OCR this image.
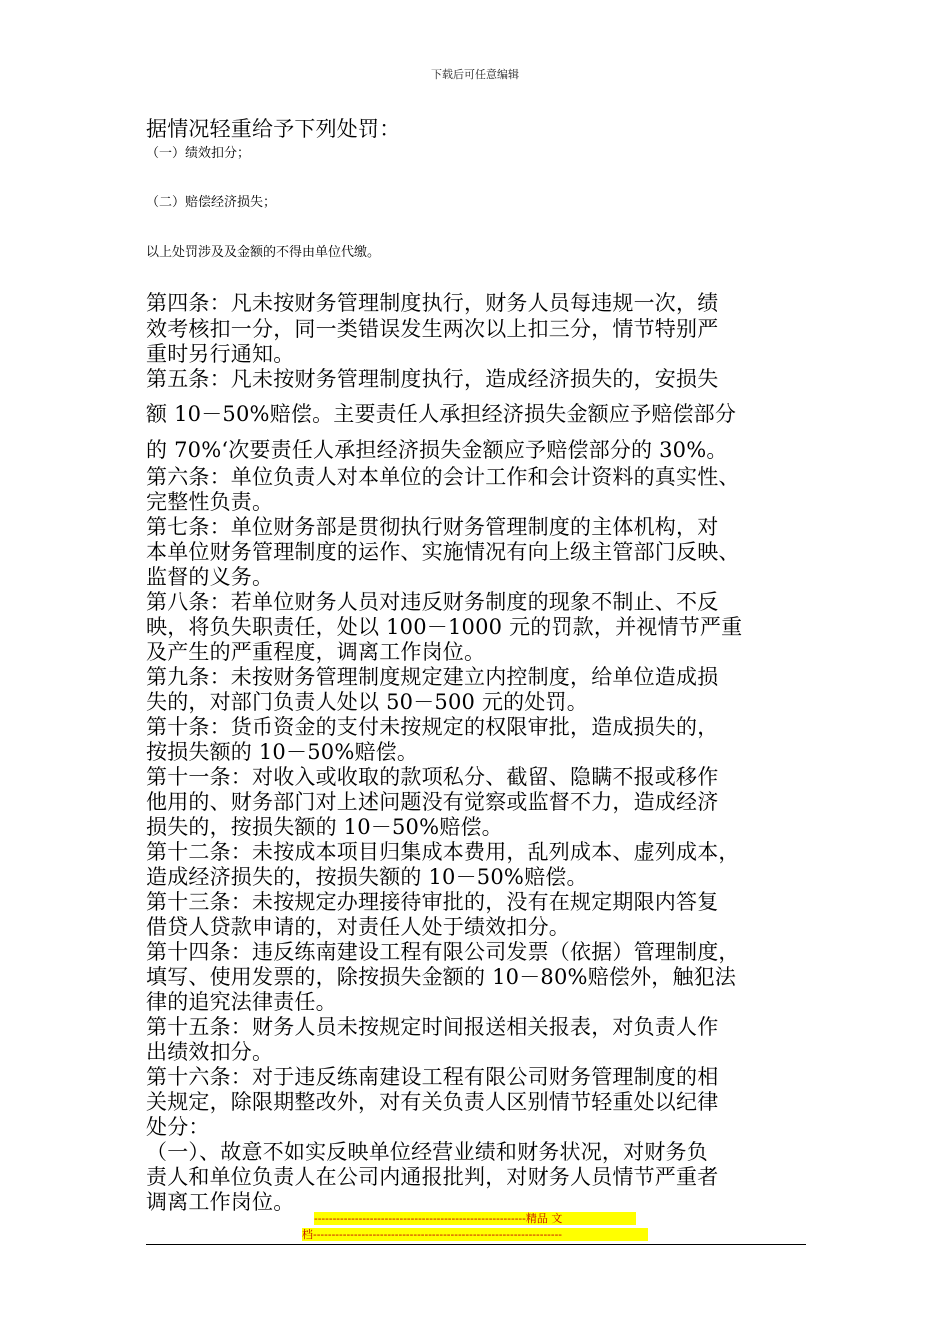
下载后可任意编辑
据情况轻重给予下列处罚：
（一）绩效扣分；
（二）赔偿经济损失；
以上处罚涉及及金额的不得由单位代缴。
第四条：凡未按财务管理制度执行，财务人员每违规一次，绩
效考核扣一分，同一类错误发生两次以上扣三分，情节特别严
重时另行通知。
第五条：凡未按财务管理制度执行，造成经济损失的，安损失
额 10－50%赔偿。主要责任人承担经济损失金额应予赔偿部分
的 70%‘次要责任人承担经济损失金额应予赔偿部分的 30%。
第六条：单位负责人对本单位的会计工作和会计资料的真实性、
完整性负责。
第七条：单位财务部是贯彻执行财务管理制度的主体机构，对
本单位财务管理制度的运作、实施情况有向上级主管部门反映、
监督的义务。
第八条：若单位财务人员对违反财务制度的现象不制止、不反
映，将负失职责任，处以 100－1000 元的罚款，并视情节严重
及产生的严重程度，调离工作岗位。
第九条：未按财务管理制度规定建立内控制度，给单位造成损
失的，对部门负责人处以 50－500 元的处罚。
第十条：货币资金的支付未按规定的权限审批，造成损失的，
按损失额的 10－50%赔偿。
第十一条：对收入或收取的款项私分、截留、隐瞒不报或移作
他用的、财务部门对上述问题没有觉察或监督不力，造成经济
损失的，按损失额的 10－50%赔偿。
第十二条：未按成本项目归集成本费用，乱列成本、虚列成本，
造成经济损失的，按损失额的 10－50%赔偿。
第十三条：未按规定办理接待审批的，没有在规定期限内答复
借贷人贷款申请的，对责任人处于绩效扣分。
第十四条：违反练南建设工程有限公司发票（依据）管理制度，
填写、使用发票的，除按损失金额的 10－80%赔偿外，触犯法
律的追究法律责任。
第十五条：财务人员未按规定时间报送相关报表，对负责人作
出绩效扣分。
第十六条：对于违反练南建设工程有限公司财务管理制度的相
关规定，除限期整改外，对有关负责人区别情节轻重处以纪律
处分：
（一）、故意不如实反映单位经营业绩和财务状况，对财务负
责人和单位负责人在公司内通报批判，对财务人员情节严重者
调离工作岗位。
---------------------------------------------------------精品 文
档-------------------------------------------------------------------
